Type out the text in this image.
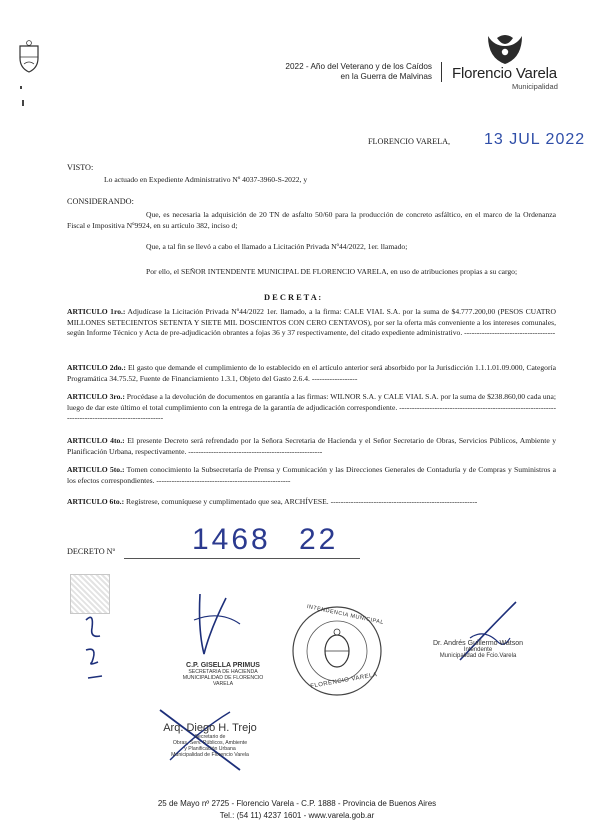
2022 - Año del Veterano y de los Caídos
en la Guerra de Malvinas Florencio Varela
Municipalidad
FLORENCIO VARELA, 13 JUL 2022
VISTO:
Lo actuado en Expediente Administrativo Nº 4037-3960-S-2022, y
CONSIDERANDO:
Que, es necesaria la adquisición de 20 TN de asfalto 50/60 para la producción de concreto asfáltico, en el marco de la Ordenanza Fiscal e Impositiva Nº9924, en su artículo 382, inciso d;
Que, a tal fin se llevó a cabo el llamado a Licitación Privada Nº44/2022, 1er. llamado;
Por ello, el SEÑOR INTENDENTE MUNICIPAL DE FLORENCIO VARELA, en uso de atribuciones propias a su cargo;
D E C R E T A :
ARTICULO 1ro.: Adjudícase la Licitación Privada Nº44/2022 1er. llamado, a la firma: CALE VIAL S.A. por la suma de $4.777.200,00 (PESOS CUATRO MILLONES SETECIENTOS SETENTA Y SIETE MIL DOSCIENTOS CON CERO CENTAVOS), por ser la oferta más conveniente a los intereses comunales, según Informe Técnico y Acta de pre-adjudicación obrantes a fojas 36 y 37 respectivamente, del citado expediente administrativo. ------------------------------------
ARTICULO 2do.: El gasto que demande el cumplimiento de lo establecido en el artículo anterior será absorbido por la Jurisdicción 1.1.1.01.09.000, Categoría Programática 34.75.52, Fuente de Financiamiento 1.3.1, Objeto del Gasto 2.6.4. ------------------
ARTICULO 3ro.: Procédase a la devolución de documentos en garantía a las firmas: WILNOR S.A. y CALE VIAL S.A. por la suma de $238.860,00 cada una; luego de dar este último el total cumplimiento con la entrega de la garantía de adjudicación correspondiente. ----------------------------------------------------------------------------------------------------
ARTICULO 4to.: El presente Decreto será refrendado por la Señora Secretaria de Hacienda y el Señor Secretario de Obras, Servicios Públicos, Ambiente y Planificación Urbana, respectivamente. -----------------------------------------------------
ARTICULO 5to.: Tomen conocimiento la Subsecretaría de Prensa y Comunicación y las Direcciones Generales de Contaduría y de Compras y Suministros a los efectos correspondientes. -----------------------------------------------------
ARTICULO 6to.: Regístrese, comuníquese y cumplimentado que sea, ARCHÍVESE. ----------------------------------------------------------
DECRETO Nº	1468 22
C.P. GISELLA PRIMUS
SECRETARIA DE HACIENDA
MUNICIPALIDAD DE FLORENCIO VARELA
INTENDENCIA MUNICIPAL
FLORENCIO VARELA
Dr. Andrés Guillermo Watson
Intendente
Municipalidad de Fcio.Varela
Arq. Diego H. Trejo
Secretario de
Obras, Serv. Públicos, Ambiente
y Planificación Urbana
Municipalidad de Florencio Varela
25 de Mayo nº 2725 - Florencio Varela - C.P. 1888 - Provincia de Buenos Aires
Tel.: (54 11) 4237 1601 - www.varela.gob.ar
